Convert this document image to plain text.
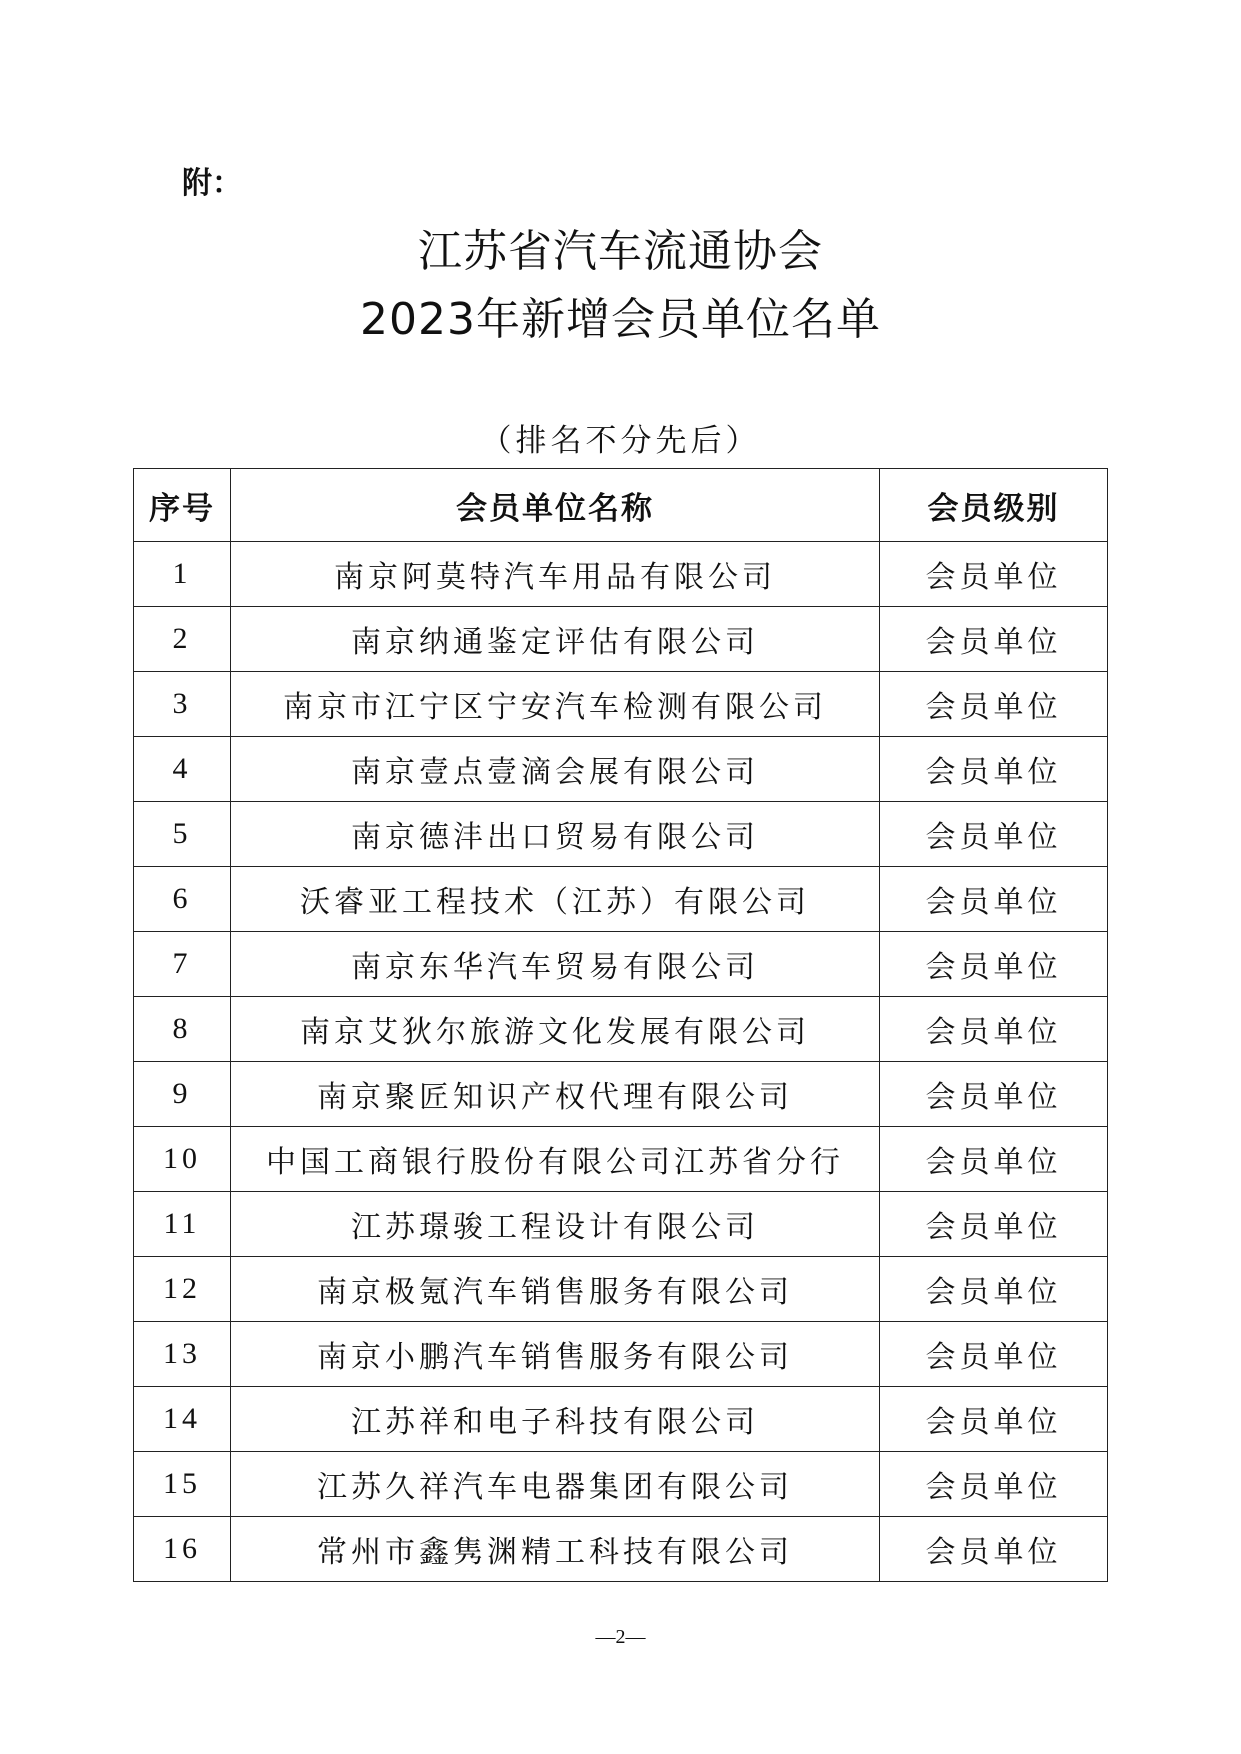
附：
江苏省汽车流通协会
2023年新增会员单位名单
（排名不分先后）
序号	会员单位名称	会员级别
1	南京阿莫特汽车用品有限公司	会员单位
2	南京纳通鉴定评估有限公司	会员单位
3	南京市江宁区宁安汽车检测有限公司	会员单位
4	南京壹点壹滴会展有限公司	会员单位
5	南京德沣出口贸易有限公司	会员单位
6	沃睿亚工程技术（江苏）有限公司	会员单位
7	南京东华汽车贸易有限公司	会员单位
8	南京艾狄尔旅游文化发展有限公司	会员单位
9	南京聚匠知识产权代理有限公司	会员单位
10	中国工商银行股份有限公司江苏省分行	会员单位
11	江苏璟骏工程设计有限公司	会员单位
12	南京极氪汽车销售服务有限公司	会员单位
13	南京小鹏汽车销售服务有限公司	会员单位
14	江苏祥和电子科技有限公司	会员单位
15	江苏久祥汽车电器集团有限公司	会员单位
16	常州市鑫隽渊精工科技有限公司	会员单位
—2—
